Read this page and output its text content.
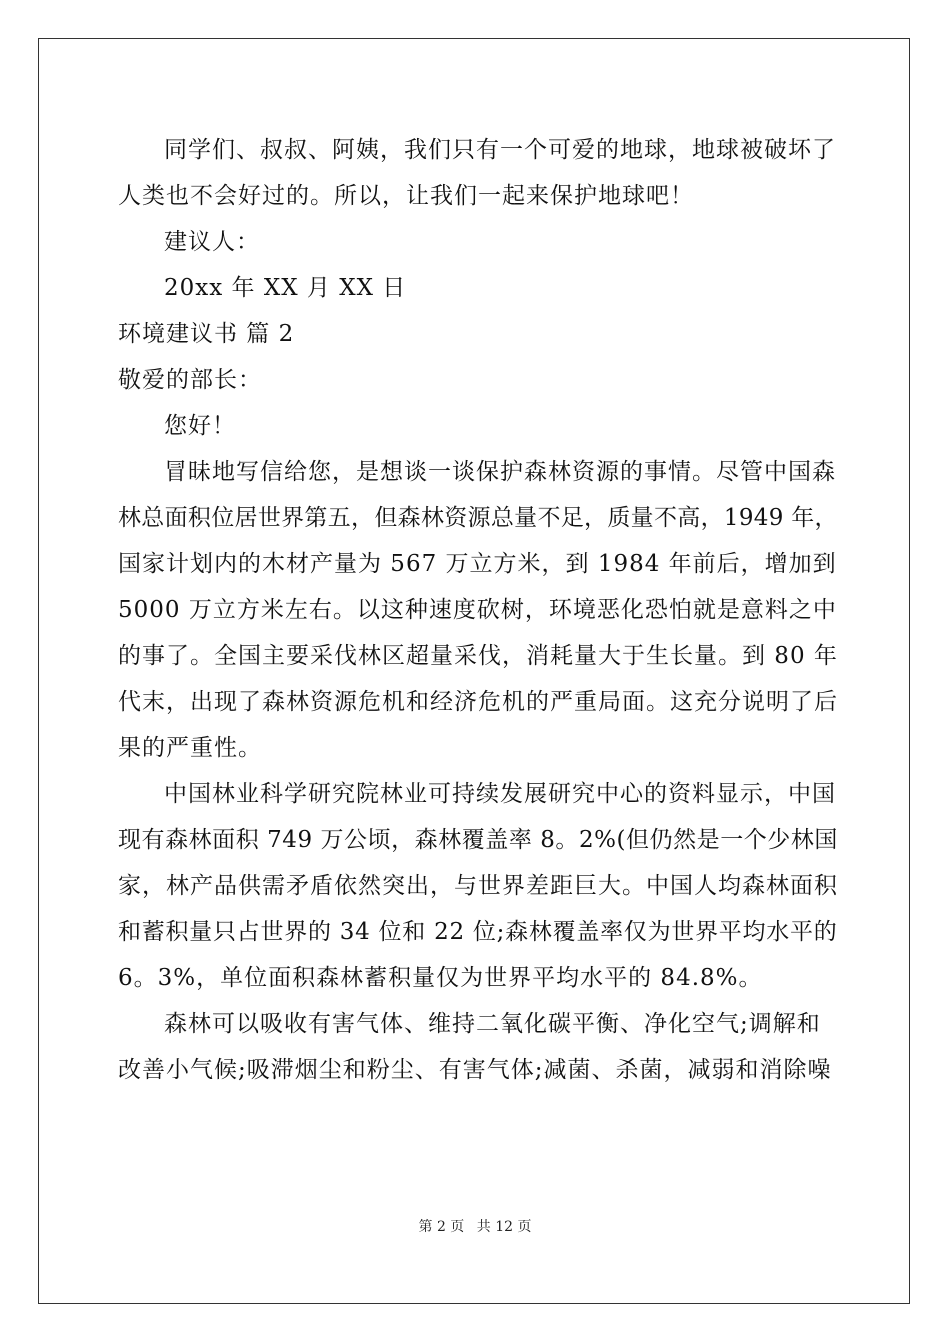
同学们、叔叔、阿姨，我们只有一个可爱的地球，地球被破坏了
人类也不会好过的。所以，让我们一起来保护地球吧！
建议人：
20xx 年 XX 月 XX 日
环境建议书 篇 2
敬爱的部长：
您好！
冒昧地写信给您，是想谈一谈保护森林资源的事情。尽管中国森
林总面积位居世界第五，但森林资源总量不足，质量不高，1949 年，
国家计划内的木材产量为 567 万立方米，到 1984 年前后，增加到
5000 万立方米左右。以这种速度砍树，环境恶化恐怕就是意料之中
的事了。全国主要采伐林区超量采伐，消耗量大于生长量。到 80 年
代末，出现了森林资源危机和经济危机的严重局面。这充分说明了后
果的严重性。
中国林业科学研究院林业可持续发展研究中心的资料显示，中国
现有森林面积 749 万公顷，森林覆盖率 8。2%(但仍然是一个少林国
家，林产品供需矛盾依然突出，与世界差距巨大。中国人均森林面积
和蓄积量只占世界的 34 位和 22 位;森林覆盖率仅为世界平均水平的
6。3%，单位面积森林蓄积量仅为世界平均水平的 84.8%。
森林可以吸收有害气体、维持二氧化碳平衡、净化空气;调解和
改善小气候;吸滞烟尘和粉尘、有害气体;减菌、杀菌，减弱和消除噪
第 2 页 共 12 页
